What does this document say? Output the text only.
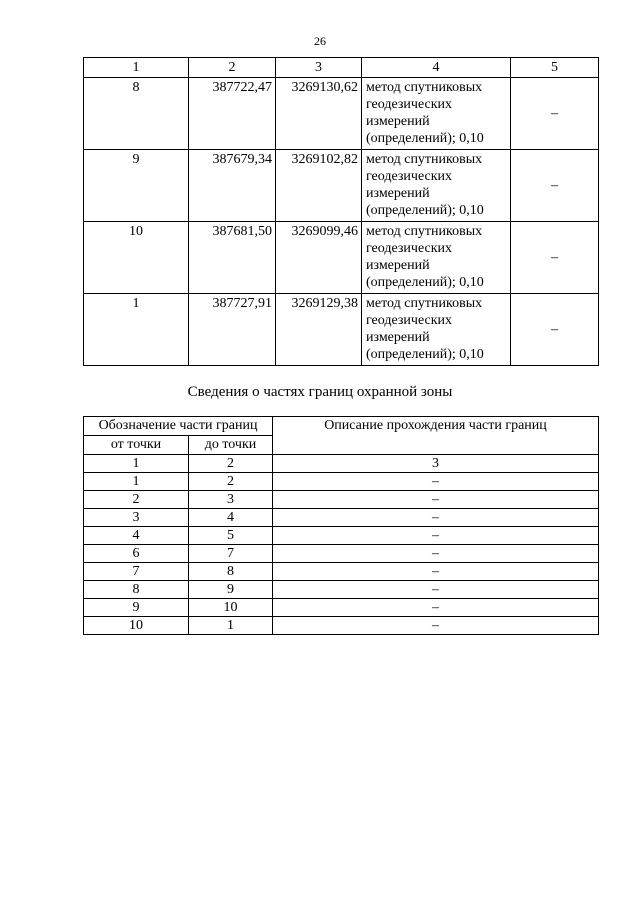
26
1	2	3	4	5
8	387722,47	3269130,62	метод спутниковых
геодезических
измерений
(определений); 0,10	–
9	387679,34	3269102,82	метод спутниковых
геодезических
измерений
(определений); 0,10	–
10	387681,50	3269099,46	метод спутниковых
геодезических
измерений
(определений); 0,10	–
1	387727,91	3269129,38	метод спутниковых
геодезических
измерений
(определений); 0,10	–
Сведения о частях границ охранной зоны
Обозначение части границ		Описание прохождения части границ
от точки	до точки	
1	2	3
1	2	–
2	3	–
3	4	–
4	5	–
6	7	–
7	8	–
8	9	–
9	10	–
10	1	–
